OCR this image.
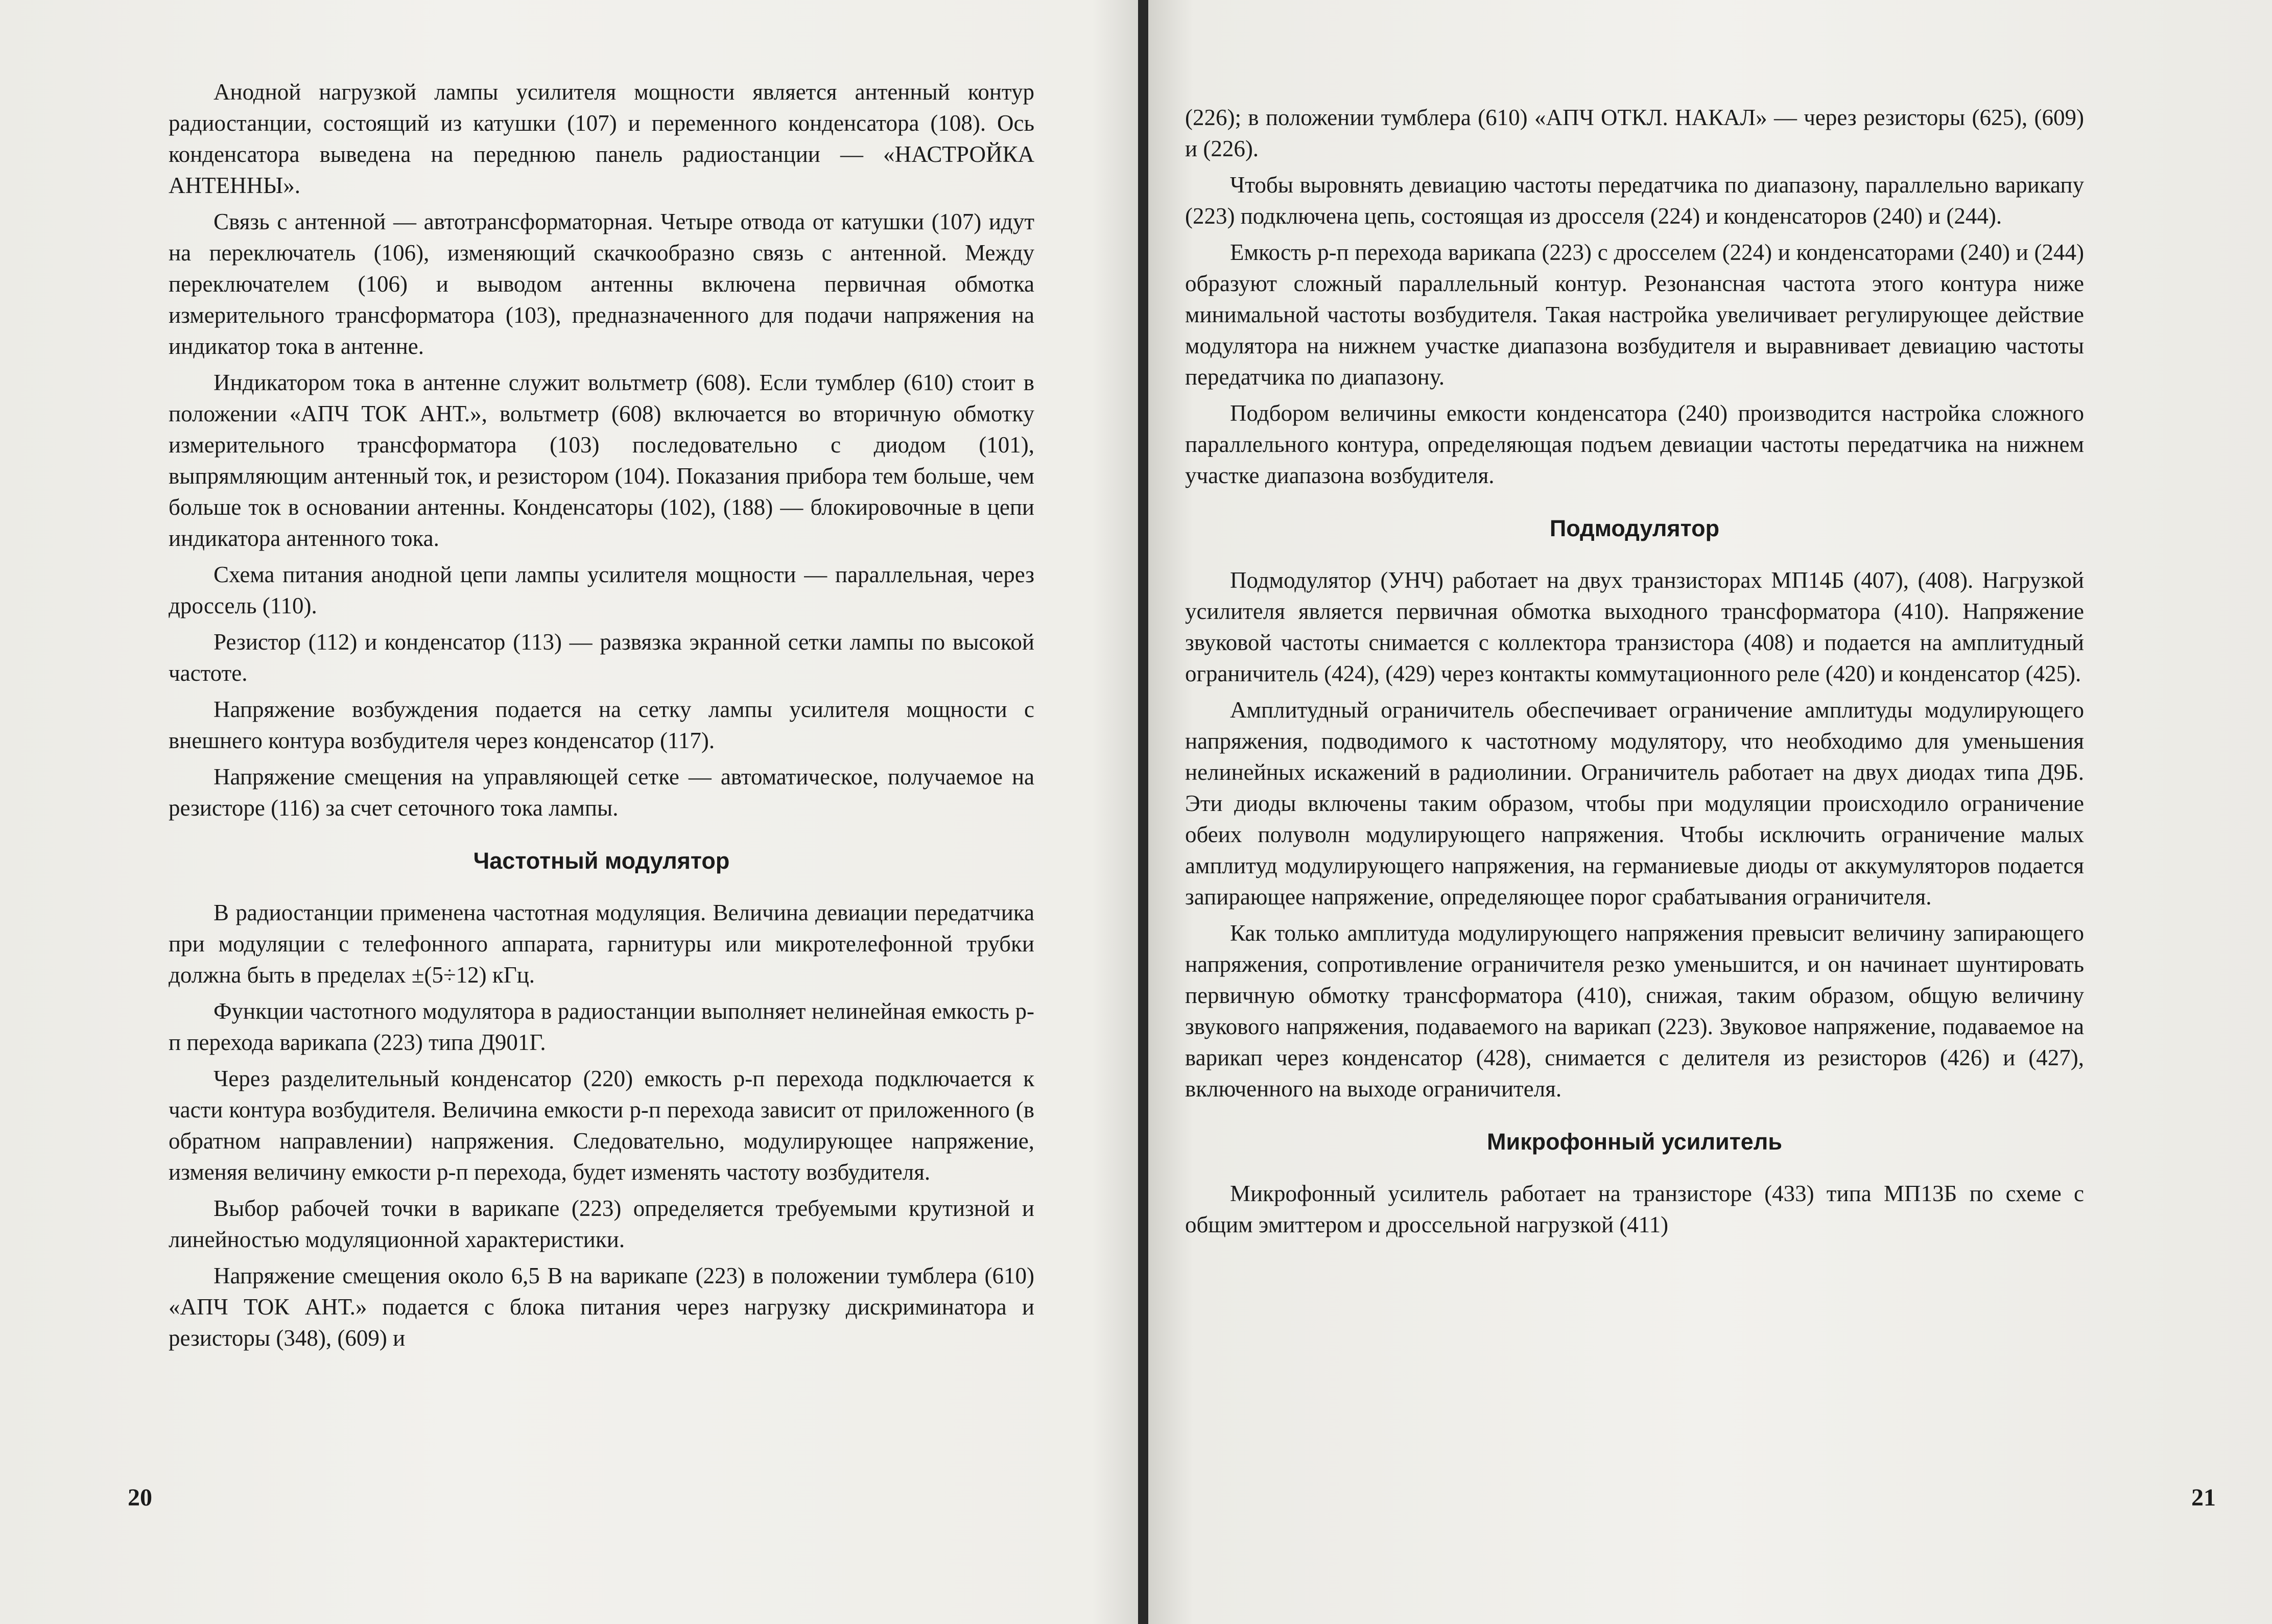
Анодной нагрузкой лампы усилителя мощности является антенный контур радиостанции, состоящий из катушки (107) и переменного конденсатора (108). Ось конденсатора выведена на переднюю панель радиостанции — «НАСТРОЙКА АНТЕННЫ».

Связь с антенной — автотрансформаторная. Четыре отвода от катушки (107) идут на переключатель (106), изменяющий скачкообразно связь с антенной. Между переключателем (106) и выводом антенны включена первичная обмотка измерительного трансформатора (103), предназначенного для подачи напряжения на индикатор тока в антенне.

Индикатором тока в антенне служит вольтметр (608). Если тумблер (610) стоит в положении «АПЧ ТОК АНТ.», вольтметр (608) включается во вторичную обмотку измерительного трансформатора (103) последовательно с диодом (101), выпрямляющим антенный ток, и резистором (104). Показания прибора тем больше, чем больше ток в основании антенны. Конденсаторы (102), (188) — блокировочные в цепи индикатора антенного тока.

Схема питания анодной цепи лампы усилителя мощности — параллельная, через дроссель (110).

Резистор (112) и конденсатор (113) — развязка экранной сетки лампы по высокой частоте.

Напряжение возбуждения подается на сетку лампы усилителя мощности с внешнего контура возбудителя через конденсатор (117).

Напряжение смещения на управляющей сетке — автоматическое, получаемое на резисторе (116) за счет сеточного тока лампы.

Частотный модулятор

В радиостанции применена частотная модуляция. Величина девиации передатчика при модуляции с телефонного аппарата, гарнитуры или микротелефонной трубки должна быть в пределах ±(5÷12) кГц.

Функции частотного модулятора в радиостанции выполняет нелинейная емкость р-п перехода варикапа (223) типа Д901Г.

Через разделительный конденсатор (220) емкость р-п перехода подключается к части контура возбудителя. Величина емкости р-п перехода зависит от приложенного (в обратном направлении) напряжения. Следовательно, модулирующее напряжение, изменяя величину емкости р-п перехода, будет изменять частоту возбудителя.

Выбор рабочей точки в варикапе (223) определяется требуемыми крутизной и линейностью модуляционной характеристики.

Напряжение смещения около 6,5 В на варикапе (223) в положении тумблера (610) «АПЧ ТОК АНТ.» подается с блока питания через нагрузку дискриминатора и резисторы (348), (609) и

20

(226); в положении тумблера (610) «АПЧ ОТКЛ. НАКАЛ» — через резисторы (625), (609) и (226).

Чтобы выровнять девиацию частоты передатчика по диапазону, параллельно варикапу (223) подключена цепь, состоящая из дросселя (224) и конденсаторов (240) и (244).

Емкость р-п перехода варикапа (223) с дросселем (224) и конденсаторами (240) и (244) образуют сложный параллельный контур. Резонансная частота этого контура ниже минимальной частоты возбудителя. Такая настройка увеличивает регулирующее действие модулятора на нижнем участке диапазона возбудителя и выравнивает девиацию частоты передатчика по диапазону.

Подбором величины емкости конденсатора (240) производится настройка сложного параллельного контура, определяющая подъем девиации частоты передатчика на нижнем участке диапазона возбудителя.

Подмодулятор

Подмодулятор (УНЧ) работает на двух транзисторах МП14Б (407), (408). Нагрузкой усилителя является первичная обмотка выходного трансформатора (410). Напряжение звуковой частоты снимается с коллектора транзистора (408) и подается на амплитудный ограничитель (424), (429) через контакты коммутационного реле (420) и конденсатор (425).

Амплитудный ограничитель обеспечивает ограничение амплитуды модулирующего напряжения, подводимого к частотному модулятору, что необходимо для уменьшения нелинейных искажений в радиолинии. Ограничитель работает на двух диодах типа Д9Б. Эти диоды включены таким образом, чтобы при модуляции происходило ограничение обеих полуволн модулирующего напряжения. Чтобы исключить ограничение малых амплитуд модулирующего напряжения, на германиевые диоды от аккумуляторов подается запирающее напряжение, определяющее порог срабатывания ограничителя.

Как только амплитуда модулирующего напряжения превысит величину запирающего напряжения, сопротивление ограничителя резко уменьшится, и он начинает шунтировать первичную обмотку трансформатора (410), снижая, таким образом, общую величину звукового напряжения, подаваемого на варикап (223). Звуковое напряжение, подаваемое на варикап через конденсатор (428), снимается с делителя из резисторов (426) и (427), включенного на выходе ограничителя.

Микрофонный усилитель

Микрофонный усилитель работает на транзисторе (433) типа МП13Б по схеме с общим эмиттером и дроссельной нагрузкой (411)

21
